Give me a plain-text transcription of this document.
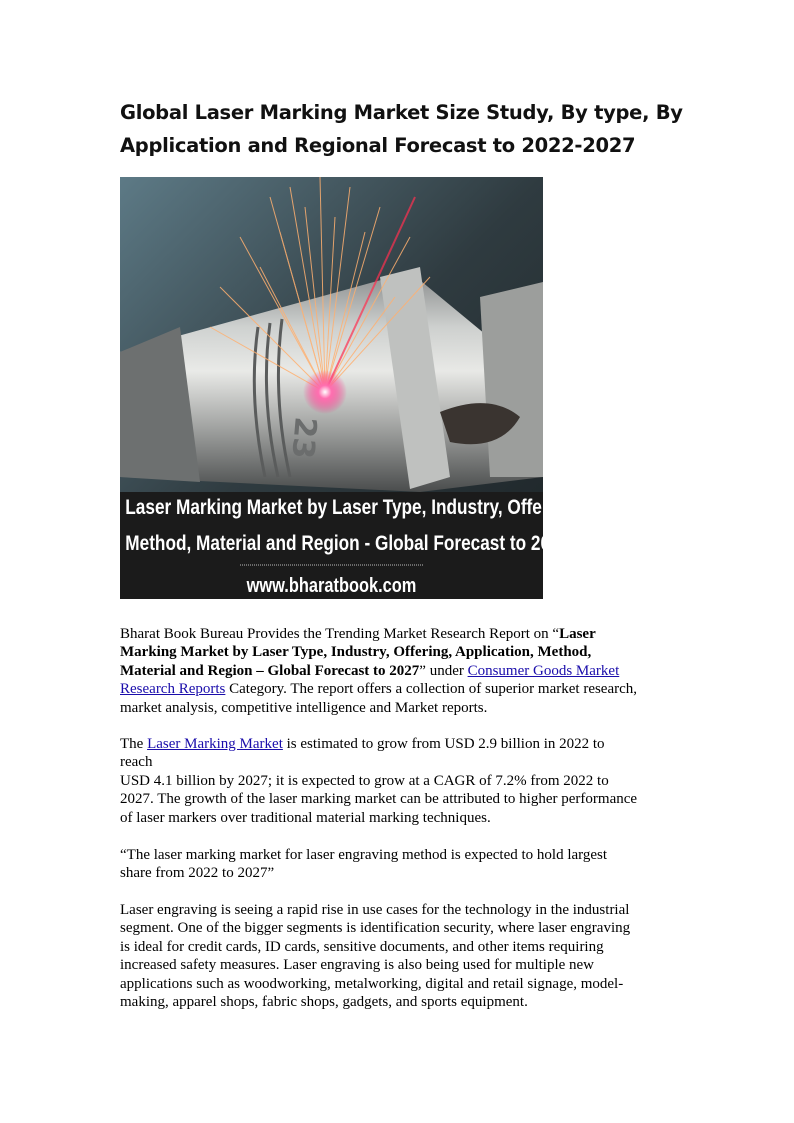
Global Laser Marking Market Size Study, By type, By
Application and Regional Forecast to 2022-2027
23
Laser Marking Market by Laser Type, Industry, Offering, Application,
Method, Material and Region - Global Forecast to 2027
www.bharatbook.com
Bharat Book Bureau Provides the Trending Market Research Report on “Laser
Marking Market by Laser Type, Industry, Offering, Application, Method,
Material and Region – Global Forecast to 2027” under Consumer Goods Market
Research Reports Category. The report offers a collection of superior market research,
market analysis, competitive intelligence and Market reports.
The Laser Marking Market is estimated to grow from USD 2.9 billion in 2022 to
reach
USD 4.1 billion by 2027; it is expected to grow at a CAGR of 7.2% from 2022 to
2027. The growth of the laser marking market can be attributed to higher performance
of laser markers over traditional material marking techniques.
“The laser marking market for laser engraving method is expected to hold largest
share from 2022 to 2027”
Laser engraving is seeing a rapid rise in use cases for the technology in the industrial
segment. One of the bigger segments is identification security, where laser engraving
is ideal for credit cards, ID cards, sensitive documents, and other items requiring
increased safety measures. Laser engraving is also being used for multiple new
applications such as woodworking, metalworking, digital and retail signage, model-
making, apparel shops, fabric shops, gadgets, and sports equipment.
